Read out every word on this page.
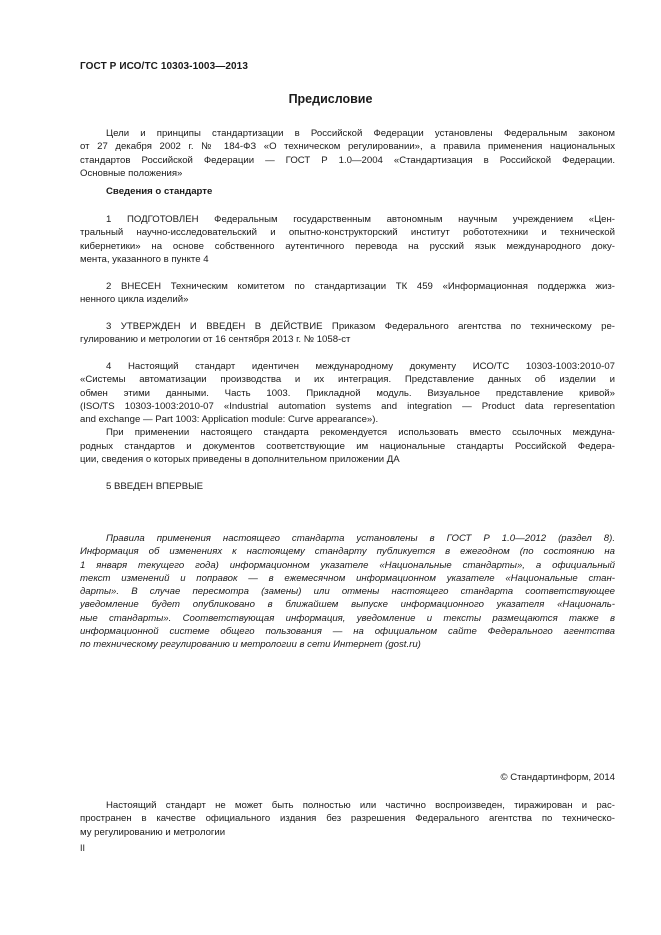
ГОСТ Р ИСО/ТС 10303-1003—2013
Предисловие
Цели и принципы стандартизации в Российской Федерации установлены Федеральным законом
от 27 декабря 2002 г. № 184-ФЗ «О техническом регулировании», а правила применения национальных
стандартов Российской Федерации — ГОСТ Р 1.0—2004 «Стандартизация в Российской Федерации.
Основные положения»
Сведения о стандарте
1 ПОДГОТОВЛЕН Федеральным государственным автономным научным учреждением «Цен-
тральный научно-исследовательский и опытно-конструкторский институт робототехники и технической
кибернетики» на основе собственного аутентичного перевода на русский язык международного доку-
мента, указанного в пункте 4
2 ВНЕСЕН Техническим комитетом по стандартизации ТК 459 «Информационная поддержка жиз-
ненного цикла изделий»
3 УТВЕРЖДЕН И ВВЕДЕН В ДЕЙСТВИЕ Приказом Федерального агентства по техническому ре-
гулированию и метрологии от 16 сентября 2013 г. № 1058-ст
4 Настоящий стандарт идентичен международному документу ИСО/ТС 10303-1003:2010-07
«Системы автоматизации производства и их интеграция. Представление данных об изделии и
обмен этими данными. Часть 1003. Прикладной модуль. Визуальное представление кривой»
(ISO/TS 10303-1003:2010-07 «Industrial automation systems and integration — Product data representation
and exchange — Part 1003: Application module: Curve appearance»).
При применении настоящего стандарта рекомендуется использовать вместо ссылочных междуна-
родных стандартов и документов соответствующие им национальные стандарты Российской Федера-
ции, сведения о которых приведены в дополнительном приложении ДА
5 ВВЕДЕН ВПЕРВЫЕ
Правила применения настоящего стандарта установлены в ГОСТ Р 1.0—2012 (раздел 8).
Информация об изменениях к настоящему стандарту публикуется в ежегодном (по состоянию на
1 января текущего года) информационном указателе «Национальные стандарты», а официальный
текст изменений и поправок — в ежемесячном информационном указателе «Национальные стан-
дарты». В случае пересмотра (замены) или отмены настоящего стандарта соответствующее
уведомление будет опубликовано в ближайшем выпуске информационного указателя «Националь-
ные стандарты». Соответствующая информация, уведомление и тексты размещаются также в
информационной системе общего пользования — на официальном сайте Федерального агентства
по техническому регулированию и метрологии в сети Интернет (gost.ru)
© Стандартинформ, 2014
Настоящий стандарт не может быть полностью или частично воспроизведен, тиражирован и рас-
пространен в качестве официального издания без разрешения Федерального агентства по техническо-
му регулированию и метрологии
II
